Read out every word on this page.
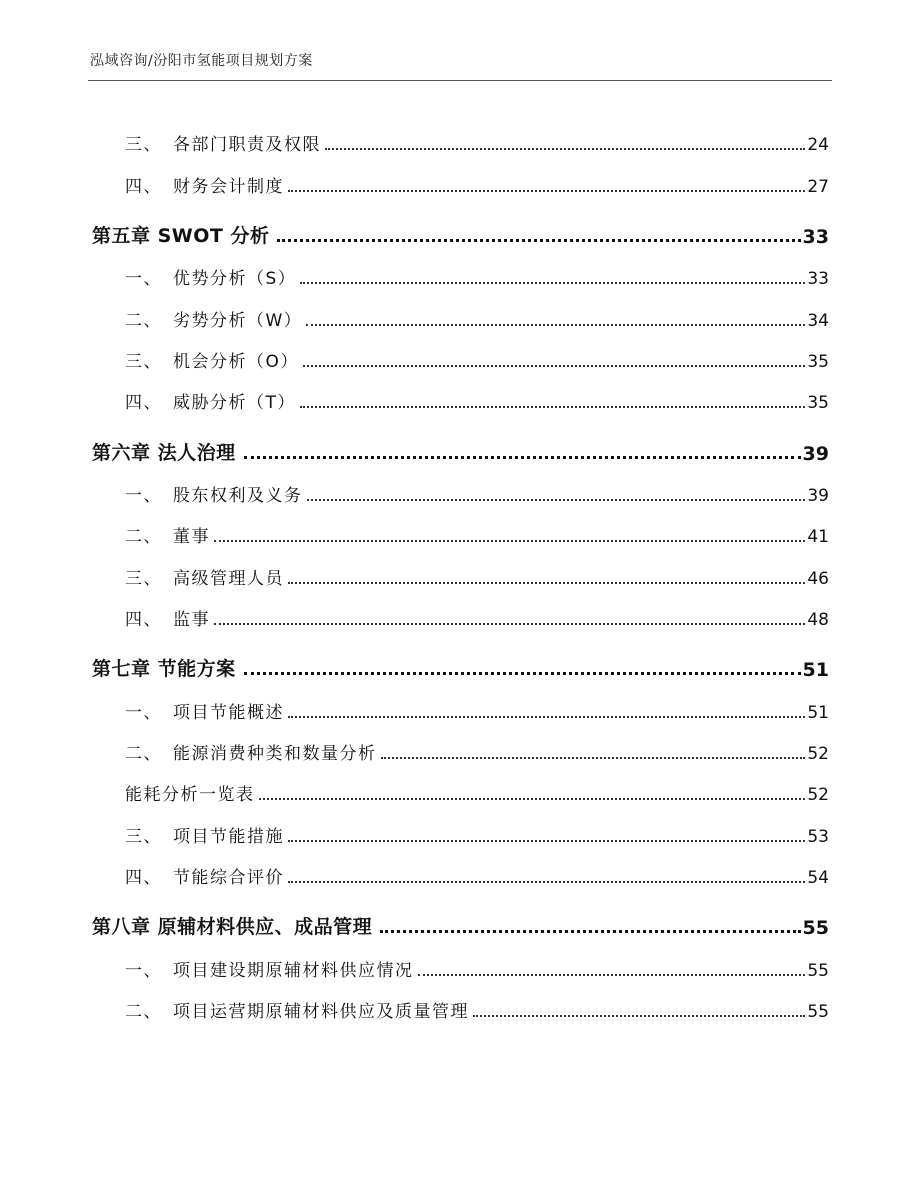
泓域咨询/汾阳市氢能项目规划方案
三、 各部门职责及权限	24
四、 财务会计制度	27
第五章 SWOT 分析	33
一、 优势分析（S）	33
二、 劣势分析（W）	34
三、 机会分析（O）	35
四、 威胁分析（T）	35
第六章 法人治理	39
一、 股东权利及义务	39
二、 董事	41
三、 高级管理人员	46
四、 监事	48
第七章 节能方案	51
一、 项目节能概述	51
二、 能源消费种类和数量分析	52
能耗分析一览表	52
三、 项目节能措施	53
四、 节能综合评价	54
第八章 原辅材料供应、成品管理	55
一、 项目建设期原辅材料供应情况	55
二、 项目运营期原辅材料供应及质量管理	55
